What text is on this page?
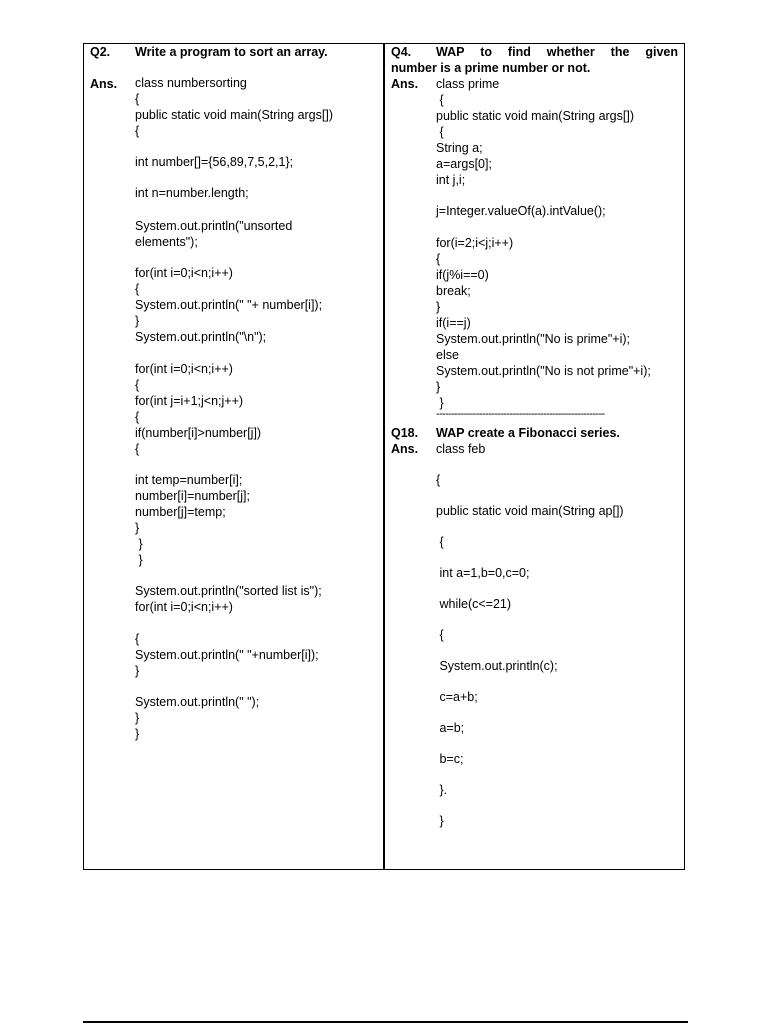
Q2. Write a program to sort an array.
Ans. class numbersorting
{
public static void main(String args[])
{
int number[]={56,89,7,5,2,1};
int n=number.length;
System.out.println("unsorted
elements");
for(int i=0;i<n;i++)
{
System.out.println(" "+ number[i]);
}
System.out.println("\n");
for(int i=0;i<n;i++)
{
for(int j=i+1;j<n;j++)
{
if(number[i]>number[j])
{
int temp=number[i];
number[i]=number[j];
number[j]=temp;
}
}
}
System.out.println("sorted list is");
for(int i=0;i<n;i++)
{
System.out.println(" "+number[i]);
}
System.out.println(" ");
}
}
Q4. WAP to find whether the given
number is a prime number or not.
Ans. class prime
{
public static void main(String args[])
{
String a;
a=args[0];
int j,i;
j=Integer.valueOf(a).intValue();
for(i=2;i<j;i++)
{
if(j%i==0)
break;
}
if(i==j)
System.out.println("No is prime"+i);
else
System.out.println("No is not prime"+i);
}
}
-------------------------------------------------------
Q18. WAP create a Fibonacci series.
Ans. class feb
{
public static void main(String ap[])
{
int a=1,b=0,c=0;
while(c<=21)
{
System.out.println(c);
c=a+b;
a=b;
b=c;
}.
}
